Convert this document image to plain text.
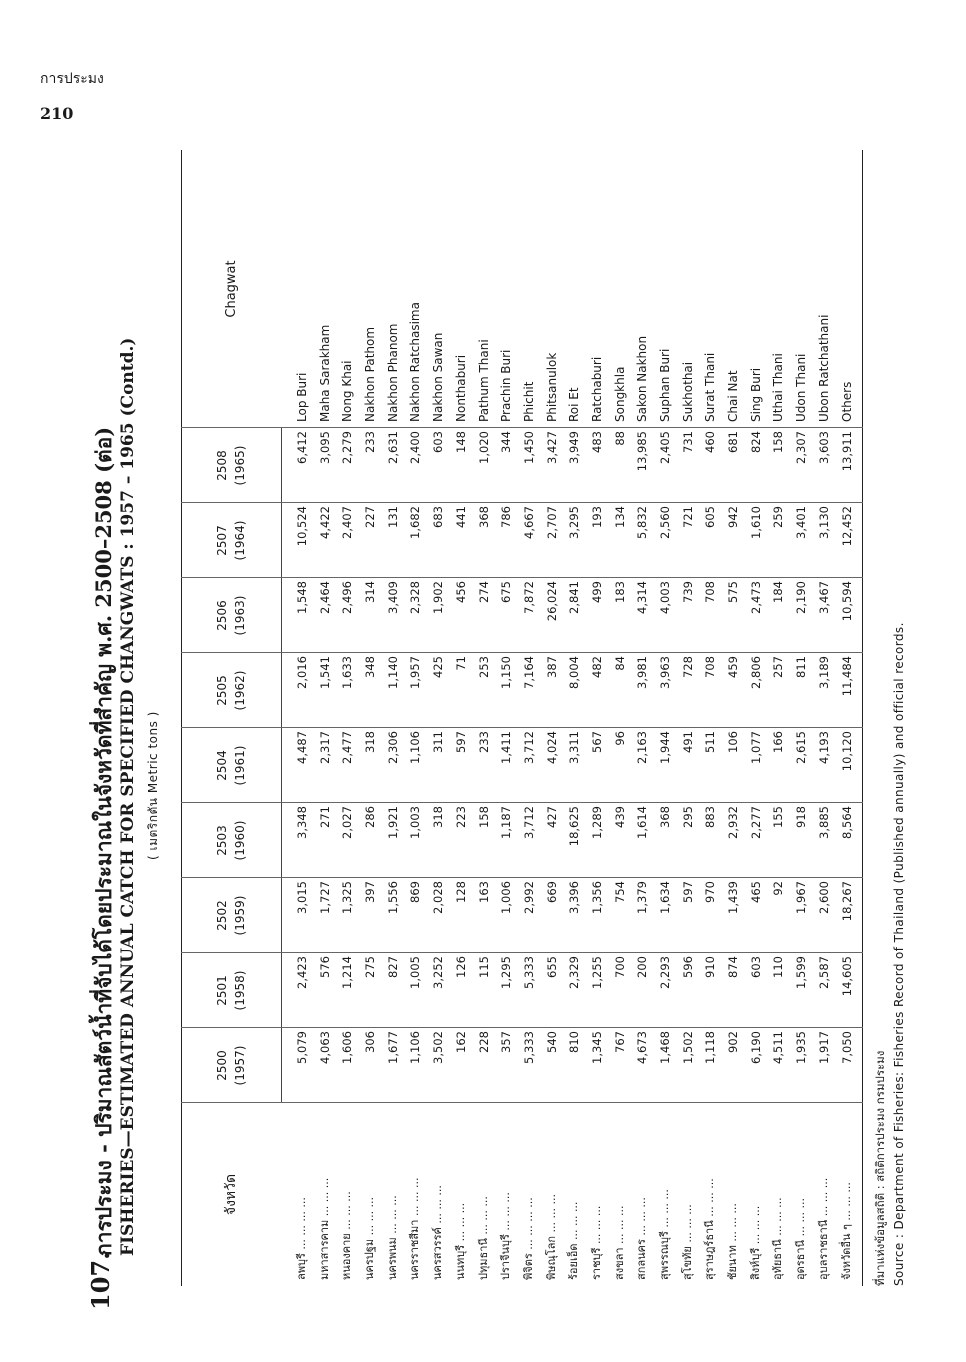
การประมง
210
107.
การประมง - ปริมาณสัตว์น้ำที่จับได้โดยประมาณในจังหวัดที่สำคัญ พ.ศ. 2500–2508 (ต่อ) FISHERIES—ESTIMATED ANNUAL CATCH FOR SPECIFIED CHANGWATS : 1957 – 1965 (Contd.) ( เมตริกตัน Metric tons )
จังหวัด
Chagwat
2500 (1957)
2501 (1958)
2502 (1959)
2503 (1960)
2504 (1961)
2505 (1962)
2506 (1963)
2507 (1964)
2508 (1965)
ลพบุรี ... ... ... ...
5,079
2,423
3,015
3,348
4,487
2,016
1,548
10,524
6,412
Lop Buri
มหาสารคาม ... ... ...
4,063
576
1,727
271
2,317
1,541
2,464
4,422
3,095
Maha Sarakham
หนองคาย ... ... ...
1,606
1,214
1,325
2,027
2,477
1,633
2,496
2,407
2,279
Nong Khai
นครปฐม ... ... ...
306
275
397
286
318
348
314
227
233
Nakhon Pathom
นครพนม ... ... ...
1,677
827
1,556
1,921
2,306
1,140
3,409
131
2,631
Nakhon Phanom
นครราชสีมา ... ... ...
1,106
1,005
869
1,003
1,106
1,957
2,328
1,682
2,400
Nakhon Ratchasima
นครสวรรค์ ... ... ...
3,502
3,252
2,028
318
311
425
1,902
683
603
Nakhon Sawan
นนทบุรี ... ... ...
162
126
128
223
597
71
456
441
148
Nonthaburi
ปทุมธานี ... ... ...
228
115
163
158
233
253
274
368
1,020
Pathum Thani
ปราจีนบุรี ... ... ...
357
1,295
1,006
1,187
1,411
1,150
675
786
344
Prachin Buri
พิจิตร ... ... ... ...
5,333
5,333
2,992
3,712
3,712
7,164
7,872
4,667
1,450
Phichit
พิษณุโลก ... ... ...
540
655
669
427
4,024
387
26,024
2,707
3,427
Phitsanulok
ร้อยเอ็ด ... ... ...
810
2,329
3,396
18,625
3,311
8,004
2,841
3,295
3,949
Roi Et
ราชบุรี ... ... ...
1,345
1,255
1,356
1,289
567
482
499
193
483
Ratchaburi
สงขลา ... ... ...
767
700
754
439
96
84
183
134
88
Songkhla
สกลนคร ... ... ...
4,673
200
1,379
1,614
2,163
3,981
4,314
5,832
13,985
Sakon Nakhon
สุพรรณบุรี ... ... ...
1,468
2,293
1,634
368
1,944
3,963
4,003
2,560
2,405
Suphan Buri
สุโขทัย ... ... ...
1,502
596
597
295
491
728
739
721
731
Sukhothai
สุราษฎร์ธานี ... ... ...
1,118
910
970
883
511
708
708
605
460
Surat Thani
ชัยนาท ... ... ...
902
874
1,439
2,932
106
459
575
942
681
Chai Nat
สิงห์บุรี ... ... ...
6,190
603
465
2,277
1,077
2,806
2,473
1,610
824
Sing Buri
อุทัยธานี ... ... ...
4,511
110
92
155
166
257
184
259
158
Uthai Thani
อุดรธานี ... ... ...
1,935
1,599
1,967
918
2,615
811
2,190
3,401
2,307
Udon Thani
อุบลราชธานี ... ... ...
1,917
2,587
2,600
3,885
4,193
3,189
3,467
3,130
3,603
Ubon Ratchathani
จังหวัดอื่น ๆ ... ... ...
7,050
14,605
18,267
8,564
10,120
11,484
10,594
12,452
13,911
Others
ที่มาแห่งข้อมูลสถิติ : สถิติการประมง กรมประมง Source : Department of Fisheries: Fisheries Record of Thailand (Published annually) and official records.
